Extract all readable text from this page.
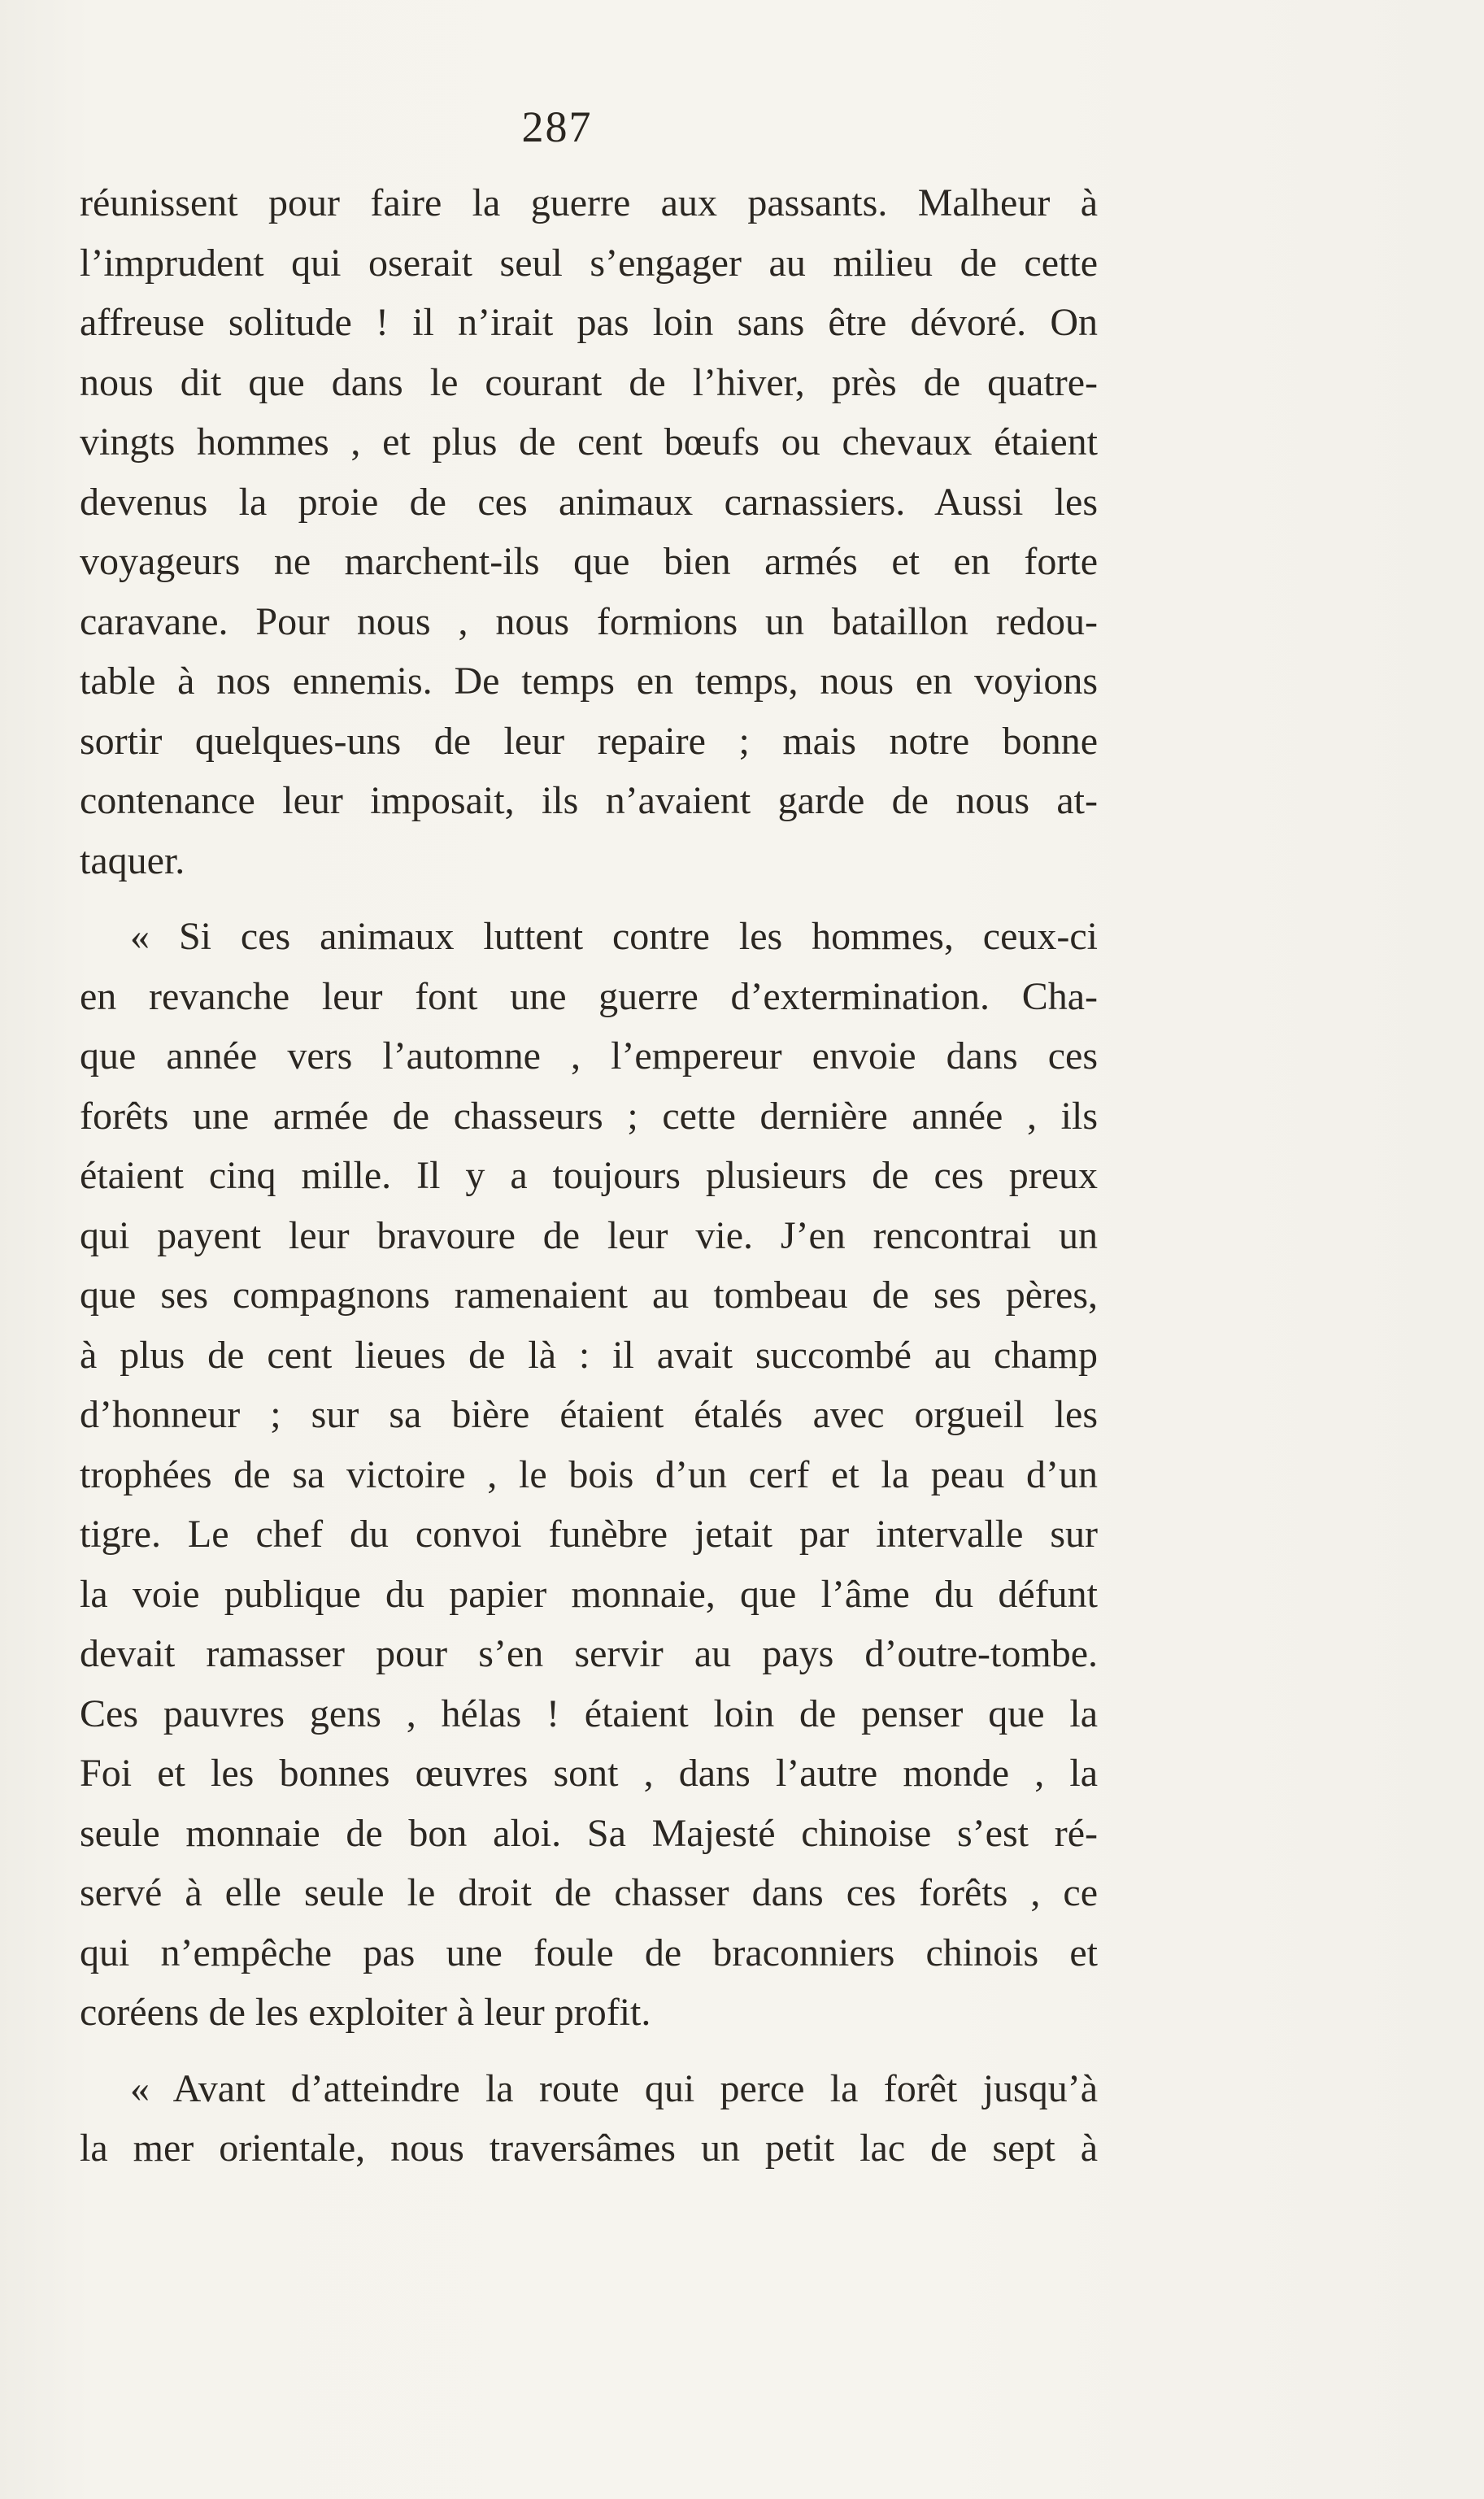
287
réunissent pour faire la guerre aux passants. Malheur à
l’imprudent qui oserait seul s’engager au milieu de cette
affreuse solitude ! il n’irait pas loin sans être dévoré. On
nous dit que dans le courant de l’hiver, près de quatre-
vingts hommes , et plus de cent bœufs ou chevaux étaient
devenus la proie de ces animaux carnassiers. Aussi les
voyageurs ne marchent-ils que bien armés et en forte
caravane. Pour nous , nous formions un bataillon redou-
table à nos ennemis. De temps en temps, nous en voyions
sortir quelques-uns de leur repaire ; mais notre bonne
contenance leur imposait, ils n’avaient garde de nous at-
taquer.
« Si ces animaux luttent contre les hommes, ceux-ci
en revanche leur font une guerre d’extermination. Cha-
que année vers l’automne , l’empereur envoie dans ces
forêts une armée de chasseurs ; cette dernière année , ils
étaient cinq mille. Il y a toujours plusieurs de ces preux
qui payent leur bravoure de leur vie. J’en rencontrai un
que ses compagnons ramenaient au tombeau de ses pères,
à plus de cent lieues de là : il avait succombé au champ
d’honneur ; sur sa bière étaient étalés avec orgueil les
trophées de sa victoire , le bois d’un cerf et la peau d’un
tigre. Le chef du convoi funèbre jetait par intervalle sur
la voie publique du papier monnaie, que l’âme du défunt
devait ramasser pour s’en servir au pays d’outre-tombe.
Ces pauvres gens , hélas ! étaient loin de penser que la
Foi et les bonnes œuvres sont , dans l’autre monde , la
seule monnaie de bon aloi. Sa Majesté chinoise s’est ré-
servé à elle seule le droit de chasser dans ces forêts , ce
qui n’empêche pas une foule de braconniers chinois et
coréens de les exploiter à leur profit.
« Avant d’atteindre la route qui perce la forêt jusqu’à
la mer orientale, nous traversâmes un petit lac de sept à
